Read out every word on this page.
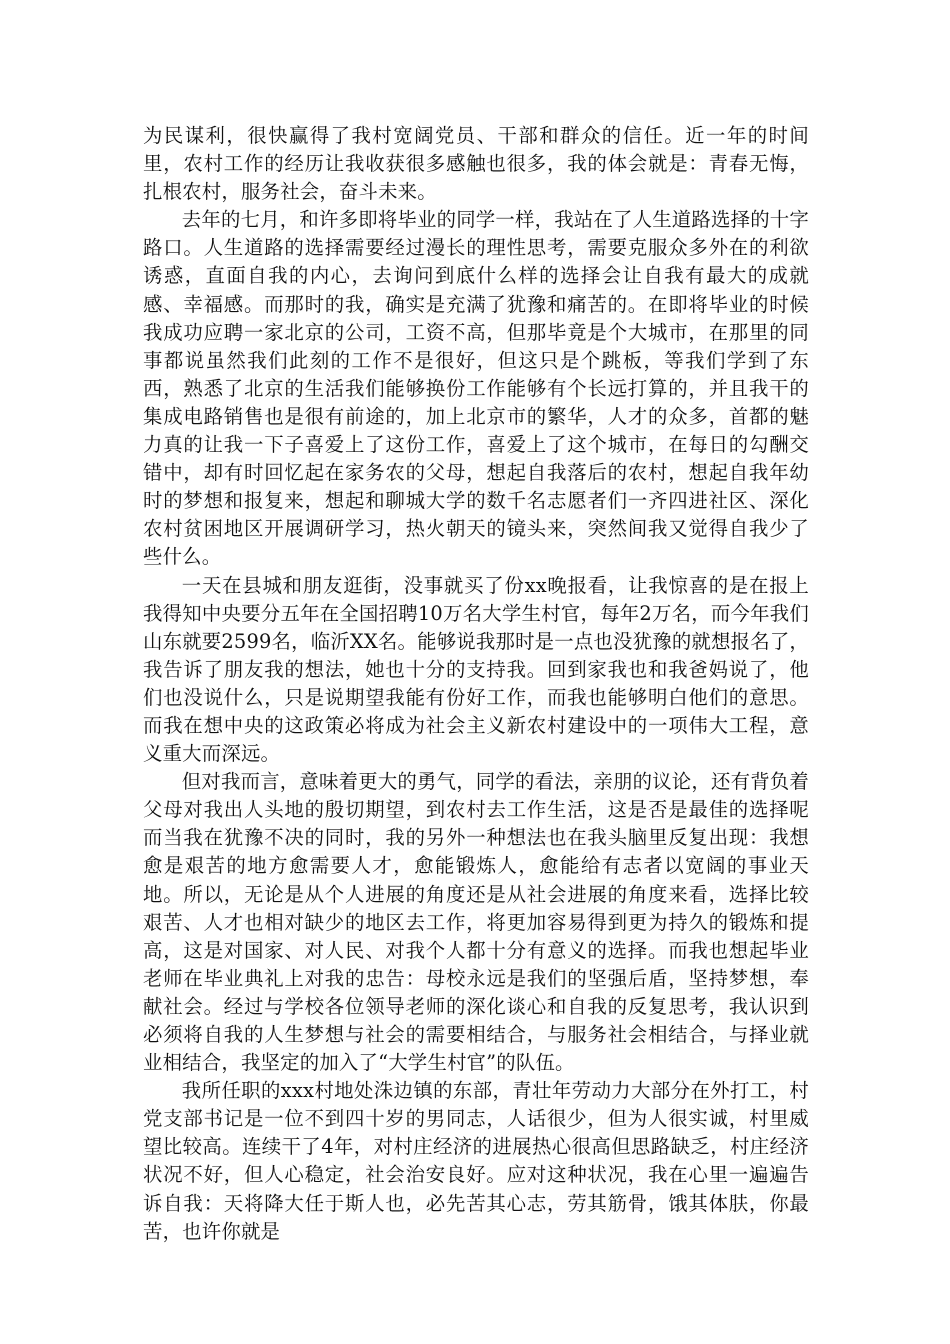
为民谋利，很快赢得了我村宽阔党员、干部和群众的信任。近一年的时间里，农村工作的经历让我收获很多感触也很多，我的体会就是：青春无悔，扎根农村，服务社会，奋斗未来。

去年的七月，和许多即将毕业的同学一样，我站在了人生道路选择的十字路口。人生道路的选择需要经过漫长的理性思考，需要克服众多外在的利欲诱惑，直面自我的内心，去询问到底什么样的选择会让自我有最大的成就感、幸福感。而那时的我，确实是充满了犹豫和痛苦的。在即将毕业的时候我成功应聘一家北京的公司，工资不高，但那毕竟是个大城市，在那里的同事都说虽然我们此刻的工作不是很好，但这只是个跳板，等我们学到了东西，熟悉了北京的生活我们能够换份工作能够有个长远打算的，并且我干的集成电路销售也是很有前途的，加上北京市的繁华，人才的众多，首都的魅力真的让我一下子喜爱上了这份工作，喜爱上了这个城市，在每日的勾酬交错中，却有时回忆起在家务农的父母，想起自我落后的农村，想起自我年幼时的梦想和报复来，想起和聊城大学的数千名志愿者们一齐四进社区、深化农村贫困地区开展调研学习，热火朝天的镜头来，突然间我又觉得自我少了些什么。

一天在县城和朋友逛街，没事就买了份xx晚报看，让我惊喜的是在报上我得知中央要分五年在全国招聘10万名大学生村官，每年2万名，而今年我们山东就要2599名，临沂XX名。能够说我那时是一点也没犹豫的就想报名了，我告诉了朋友我的想法，她也十分的支持我。回到家我也和我爸妈说了，他们也没说什么，只是说期望我能有份好工作，而我也能够明白他们的意思。而我在想中央的这政策必将成为社会主义新农村建设中的一项伟大工程，意义重大而深远。

但对我而言，意味着更大的勇气，同学的看法，亲朋的议论，还有背负着父母对我出人头地的殷切期望，到农村去工作生活，这是否是最佳的选择呢而当我在犹豫不决的同时，我的另外一种想法也在我头脑里反复出现：我想愈是艰苦的地方愈需要人才，愈能锻炼人，愈能给有志者以宽阔的事业天地。所以，无论是从个人进展的角度还是从社会进展的角度来看，选择比较艰苦、人才也相对缺少的地区去工作，将更加容易得到更为持久的锻炼和提高，这是对国家、对人民、对我个人都十分有意义的选择。而我也想起毕业老师在毕业典礼上对我的忠告：母校永远是我们的坚强后盾，坚持梦想，奉献社会。经过与学校各位领导老师的深化谈心和自我的反复思考，我认识到必须将自我的人生梦想与社会的需要相结合，与服务社会相结合，与择业就业相结合，我坚定的加入了“大学生村官”的队伍。

我所任职的xxx村地处洙边镇的东部，青壮年劳动力大部分在外打工，村党支部书记是一位不到四十岁的男同志，人话很少，但为人很实诚，村里威望比较高。连续干了4年，对村庄经济的进展热心很高但思路缺乏，村庄经济状况不好，但人心稳定，社会治安良好。应对这种状况，我在心里一遍遍告诉自我：天将降大任于斯人也，必先苦其心志，劳其筋骨，饿其体肤，你最苦，也许你就是
